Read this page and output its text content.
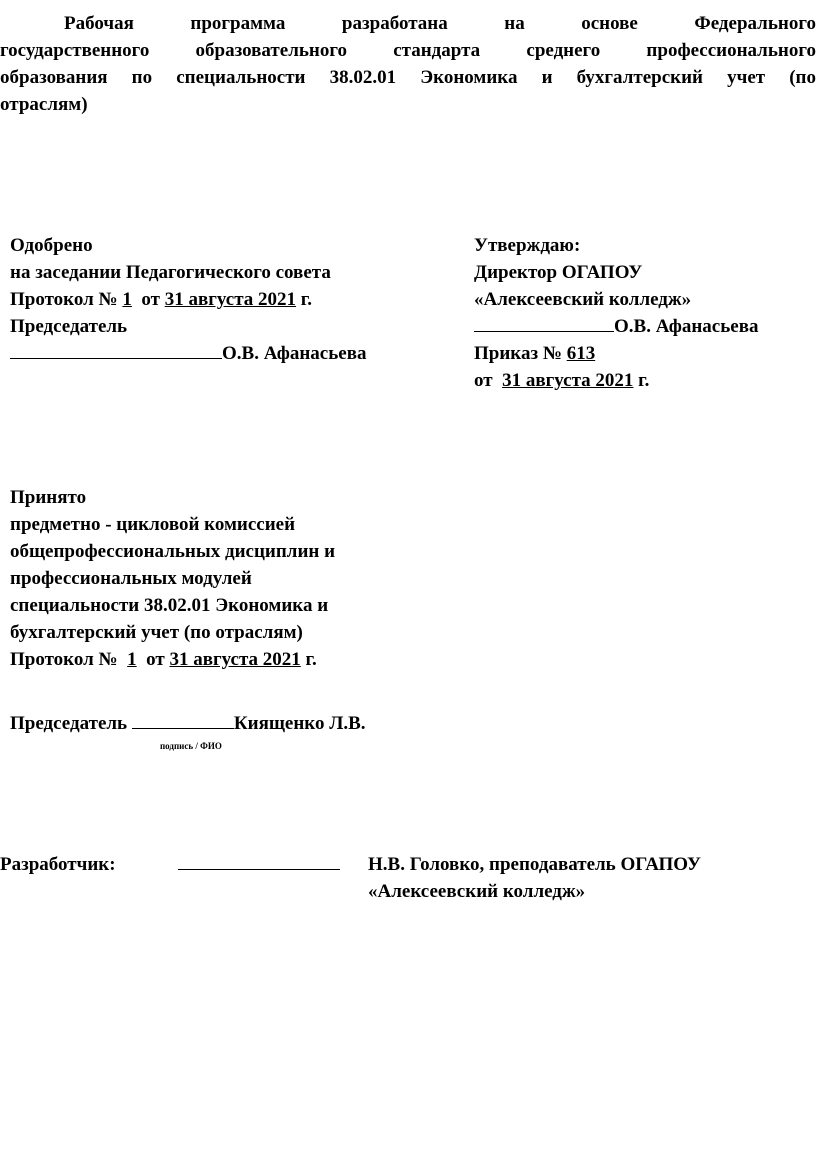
Рабочая программа разработана на основе Федерального
государственного образовательного стандарта среднего профессионального
образования по специальности 38.02.01 Экономика и бухгалтерский учет (по
отраслям)
Одобрено
на заседании Педагогического совета
Протокол № 1 от 31 августа 2021 г.
Председатель
О.В. Афанасьева
Утверждаю:
Директор ОГАПОУ
«Алексеевский колледж»
О.В. Афанасьева
Приказ № 613
от 31 августа 2021 г.
Принято
предметно - цикловой комиссией
общепрофессиональных дисциплин и
профессиональных модулей
специальности 38.02.01 Экономика и
бухгалтерский учет (по отраслям)
Протокол № 1 от 31 августа 2021 г.
Председатель	Киященко Л.В.
подпись / ФИО
Разработчик:	Н.В. Головко, преподаватель ОГАПОУ
«Алексеевский колледж»
